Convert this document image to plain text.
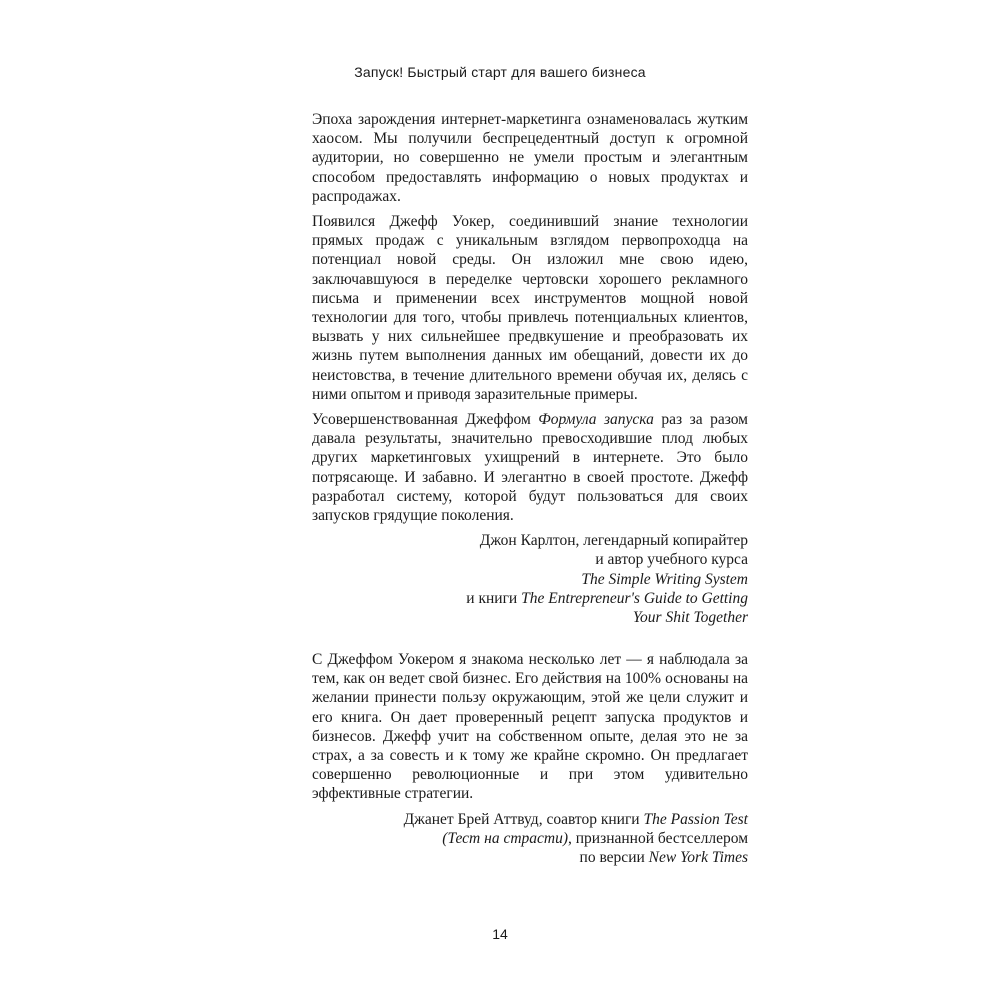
Запуск! Быстрый старт для вашего бизнеса

Эпоха зарождения интернет-маркетинга ознаменовалась жутким хаосом. Мы получили беспрецедентный доступ к огромной аудитории, но совершенно не умели простым и элегантным способом предоставлять информацию о новых продуктах и распродажах.

Появился Джефф Уокер, соединивший знание технологии прямых продаж с уникальным взглядом первопроходца на потенциал новой среды. Он изложил мне свою идею, заключавшуюся в переделке чертовски хорошего рекламного письма и применении всех инструментов мощной новой технологии для того, чтобы привлечь потенциальных клиентов, вызвать у них сильнейшее предвкушение и преобразовать их жизнь путем выполнения данных им обещаний, довести их до неистовства, в течение длительного времени обучая их, делясь с ними опытом и приводя заразительные примеры.

Усовершенствованная Джеффом Формула запуска раз за разом давала результаты, значительно превосходившие плод любых других маркетинговых ухищрений в интернете. Это было потрясающе. И забавно. И элегантно в своей простоте. Джефф разработал систему, которой будут пользоваться для своих запусков грядущие поколения.

Джон Карлтон, легендарный копирайтер
и автор учебного курса
The Simple Writing System
и книги The Entrepreneur's Guide to Getting
Your Shit Together

С Джеффом Уокером я знакома несколько лет — я наблюдала за тем, как он ведет свой бизнес. Его действия на 100% основаны на желании принести пользу окружающим, этой же цели служит и его книга. Он дает проверенный рецепт запуска продуктов и бизнесов. Джефф учит на собственном опыте, делая это не за страх, а за совесть и к тому же крайне скромно. Он предлагает совершенно революционные и при этом удивительно эффективные стратегии.

Джанет Брей Аттвуд, соавтор книги The Passion Test
(Тест на страсти), признанной бестселлером
по версии New York Times
14
